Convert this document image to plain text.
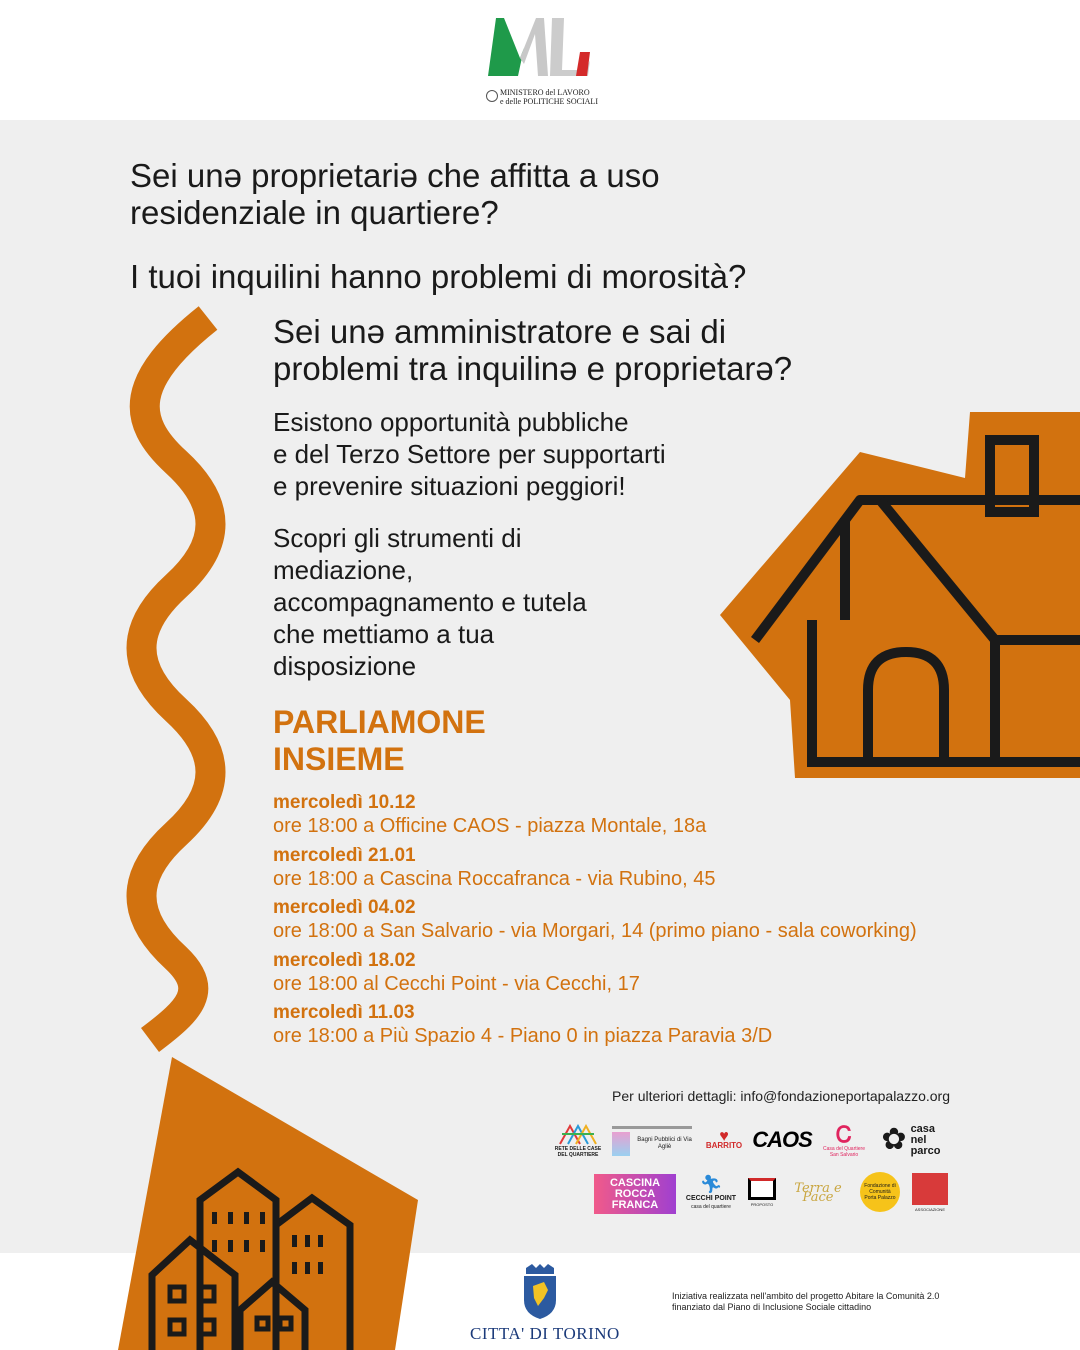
MINISTERO del LAVORO
e delle POLITICHE SOCIALI
Sei unə proprietariə che affitta a uso
residenziale in quartiere?
I tuoi inquilini hanno problemi di morosità?
Sei unə amministratore e sai di
problemi tra inquilinə e proprietarə?
Esistono opportunità pubbliche
e del Terzo Settore per supportarti
e prevenire situazioni peggiori!
Scopri gli strumenti di
mediazione,
accompagnamento e tutela
che mettiamo a tua
disposizione
PARLIAMONE
INSIEME
mercoledì 10.12
ore 18:00 a Officine CAOS - piazza Montale, 18a
mercoledì 21.01
ore 18:00 a Cascina Roccafranca - via Rubino, 45
mercoledì 04.02
ore 18:00 a San Salvario - via Morgari, 14 (primo piano - sala coworking)
mercoledì 18.02
ore 18:00 al Cecchi Point - via Cecchi, 17
mercoledì 11.03
ore 18:00 a Più Spazio 4 - Piano 0 in piazza Paravia 3/D
Per ulteriori dettagli: info@fondazioneportapalazzo.org
RETE DELLE CASE DEL QUARTIERE
Bagni Pubblici di Via Agliè
♥
BARRITO CAOS Ꮯ
Casa del Quartiere San Salvario ✿ casa nel parco
CASCINA ROCCA FRANCA
🏃︎
CECCHI POINT
casa del quartiere	PROPOSTO
Terra e Pace
Fondazione di Comunità Porta Palazzo
ASSOCIAZIONE
CITTA' DI TORINO
Iniziativa realizzata nell'ambito del progetto Abitare la Comunità 2.0
finanziato dal Piano di Inclusione Sociale cittadino
